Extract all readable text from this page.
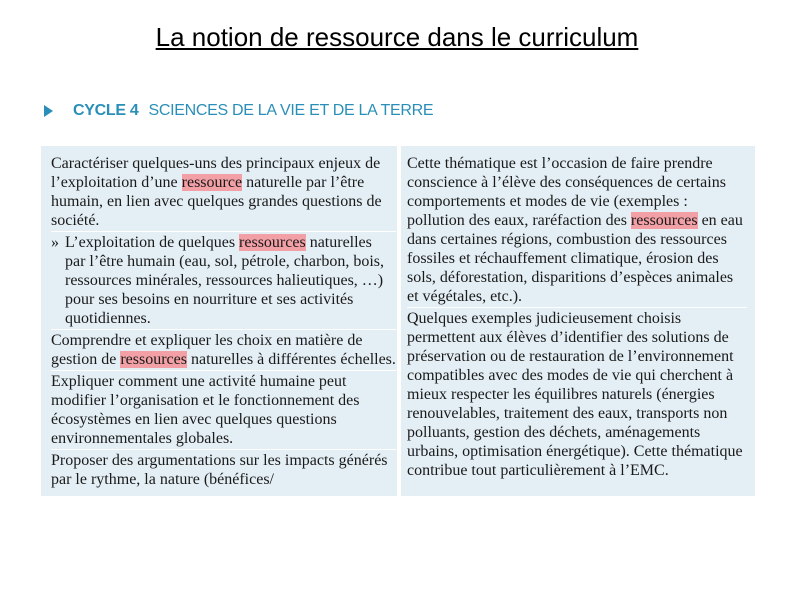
La notion de ressource dans le curriculum
CYCLE 4 SCIENCES DE LA VIE ET DE LA TERRE

Caractériser quelques-uns des principaux enjeux de l’exploitation d’une ressource naturelle par l’être humain, en lien avec quelques grandes questions de société.

» L’exploitation de quelques ressources naturelles par l’être humain (eau, sol, pétrole, charbon, bois, ressources minérales, ressources halieutiques, …) pour ses besoins en nourriture et ses activités quotidiennes.

Comprendre et expliquer les choix en matière de gestion de ressources naturelles à différentes échelles.

Expliquer comment une activité humaine peut modifier l’organisation et le fonctionnement des écosystèmes en lien avec quelques questions environnementales globales.

Proposer des argumentations sur les impacts générés par le rythme, la nature (bénéfices/

Cette thématique est l’occasion de faire prendre conscience à l’élève des conséquences de certains comportements et modes de vie (exemples : pollution des eaux, raréfaction des ressources en eau dans certaines régions, combustion des ressources fossiles et réchauffement climatique, érosion des sols, déforestation, disparitions d’espèces animales et végétales, etc.).

Quelques exemples judicieusement choisis permettent aux élèves d’identifier des solutions de préservation ou de restauration de l’environnement compatibles avec des modes de vie qui cherchent à mieux respecter les équilibres naturels (énergies renouvelables, traitement des eaux, transports non polluants, gestion des déchets, aménagements urbains, optimisation énergétique). Cette thématique contribue tout particulièrement à l’EMC.
